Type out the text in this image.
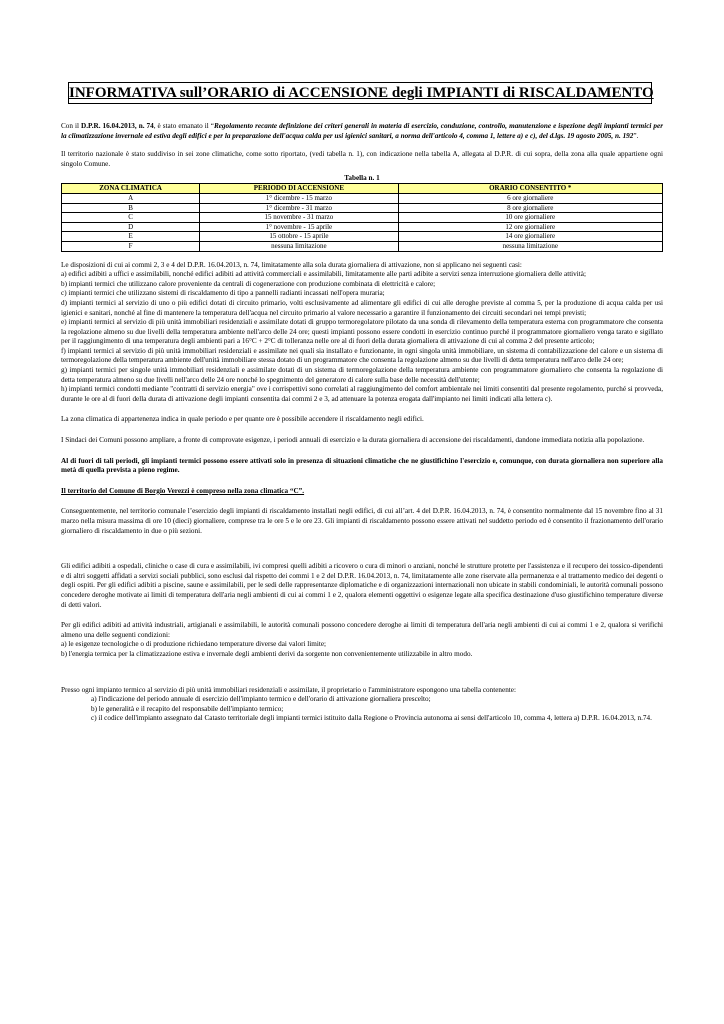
INFORMATIVA sull’ORARIO di ACCENSIONE degli IMPIANTI di RISCALDAMENTO

Con il D.P.R. 16.04.2013, n. 74, è stato emanato il “Regolamento recante definizione dei criteri generali in materia di esercizio, conduzione, controllo, manutenzione e ispezione degli impianti termici per la climatizzazione invernale ed estiva degli edifici e per la preparazione dell'acqua calda per usi igienici sanitari, a norma dell'articolo 4, comma 1, lettere a) e c), del d.lgs. 19 agosto 2005, n. 192”.

Il territorio nazionale è stato suddiviso in sei zone climatiche, come sotto riportato, (vedi tabella n. 1), con indicazione nella tabella A, allegata al D.P.R. di cui sopra, della zona alla quale appartiene ogni singolo Comune.

Tabella n. 1
ZONA CLIMATICA	PERIODO DI ACCENSIONE	ORARIO CONSENTITO *
A	1° dicembre - 15 marzo	6 ore giornaliere
B	1° dicembre - 31 marzo	8 ore giornaliere
C	15 novembre - 31 marzo	10 ore giornaliere
D	1° novembre - 15 aprile	12 ore giornaliere
E	15 ottobre - 15 aprile	14 ore giornaliere
F	nessuna limitazione	nessuna limitazione

Le disposizioni di cui ai commi 2, 3 e 4 del D.P.R. 16.04.2013, n. 74, limitatamente alla sola durata giornaliera di attivazione, non si applicano nei seguenti casi:

a) edifici adibiti a uffici e assimilabili, nonché edifici adibiti ad attività commerciali e assimilabili, limitatamente alle parti adibite a servizi senza interruzione giornaliera delle attività;

b) impianti termici che utilizzano calore proveniente da centrali di cogenerazione con produzione combinata di elettricità e calore;

c) impianti termici che utilizzano sistemi di riscaldamento di tipo a pannelli radianti incassati nell'opera muraria;

d) impianti termici al servizio di uno o più edifici dotati di circuito primario, volti esclusivamente ad alimentare gli edifici di cui alle deroghe previste al comma 5, per la produzione di acqua calda per usi igienici e sanitari, nonché al fine di mantenere la temperatura dell'acqua nel circuito primario al valore necessario a garantire il funzionamento dei circuiti secondari nei tempi previsti;

e) impianti termici al servizio di più unità immobiliari residenziali e assimilate dotati di gruppo termoregolatore pilotato da una sonda di rilevamento della temperatura esterna con programmatore che consenta la regolazione almeno su due livelli della temperatura ambiente nell'arco delle 24 ore; questi impianti possono essere condotti in esercizio continuo purché il programmatore giornaliero venga tarato e sigillato per il raggiungimento di una temperatura degli ambienti pari a 16°C + 2°C di tolleranza nelle ore al di fuori della durata giornaliera di attivazione di cui al comma 2 del presente articolo;

f) impianti termici al servizio di più unità immobiliari residenziali e assimilate nei quali sia installato e funzionante, in ogni singola unità immobiliare, un sistema di contabilizzazione del calore e un sistema di termoregolazione della temperatura ambiente dell'unità immobiliare stessa dotato di un programmatore che consenta la regolazione almeno su due livelli di detta temperatura nell'arco delle 24 ore;

g) impianti termici per singole unità immobiliari residenziali e assimilate dotati di un sistema di termoregolazione della temperatura ambiente con programmatore giornaliero che consenta la regolazione di detta temperatura almeno su due livelli nell'arco delle 24 ore nonché lo spegnimento del generatore di calore sulla base delle necessità dell'utente;

h) impianti termici condotti mediante "contratti di servizio energia" ove i corrispettivi sono correlati al raggiungimento del comfort ambientale nei limiti consentiti dal presente regolamento, purché si provveda, durante le ore al di fuori della durata di attivazione degli impianti consentita dai commi 2 e 3, ad attenuare la potenza erogata dall'impianto nei limiti indicati alla lettera c).

La zona climatica di appartenenza indica in quale periodo e per quante ore è possibile accendere il riscaldamento negli edifici.

I Sindaci dei Comuni possono ampliare, a fronte di comprovate esigenze, i periodi annuali di esercizio e la durata giornaliera di accensione dei riscaldamenti, dandone immediata notizia alla popolazione.

Al di fuori di tali periodi, gli impianti termici possono essere attivati solo in presenza di situazioni climatiche che ne giustifichino l'esercizio e, comunque, con durata giornaliera non superiore alla metà di quella prevista a pieno regime.

Il territorio del Comune di Borgio Verezzi è compreso nella zona climatica “C”.

Conseguentemente, nel territorio comunale l’esercizio degli impianti di riscaldamento installati negli edifici, di cui all’art. 4 del D.P.R. 16.04.2013, n. 74, è consentito normalmente dal 15 novembre fino al 31 marzo nella misura massima di ore 10 (dieci) giornaliere, comprese tra le ore 5 e le ore 23. Gli impianti di riscaldamento possono essere attivati nel suddetto periodo ed è consentito il frazionamento dell'orario giornaliero di riscaldamento in due o più sezioni.

Gli edifici adibiti a ospedali, cliniche o case di cura e assimilabili, ivi compresi quelli adibiti a ricovero o cura di minori o anziani, nonché le strutture protette per l'assistenza e il recupero dei tossico-dipendenti e di altri soggetti affidati a servizi sociali pubblici, sono esclusi dal rispetto dei commi 1 e 2 del D.P.R. 16.04.2013, n. 74, limitatamente alle zone riservate alla permanenza e al trattamento medico dei degenti o degli ospiti. Per gli edifici adibiti a piscine, saune e assimilabili, per le sedi delle rappresentanze diplomatiche e di organizzazioni internazionali non ubicate in stabili condominiali, le autorità comunali possono concedere deroghe motivate ai limiti di temperatura dell'aria negli ambienti di cui ai commi 1 e 2, qualora elementi oggettivi o esigenze legate alla specifica destinazione d'uso giustifichino temperature diverse di detti valori.

Per gli edifici adibiti ad attività industriali, artigianali e assimilabili, le autorità comunali possono concedere deroghe ai limiti di temperatura dell'aria negli ambienti di cui ai commi 1 e 2, qualora si verifichi almeno una delle seguenti condizioni:

a) le esigenze tecnologiche o di produzione richiedano temperature diverse dai valori limite;

b) l'energia termica per la climatizzazione estiva e invernale degli ambienti derivi da sorgente non convenientemente utilizzabile in altro modo.

Presso ogni impianto termico al servizio di più unità immobiliari residenziali e assimilate, il proprietario o l'amministratore espongono una tabella contenente:

a) l'indicazione del periodo annuale di esercizio dell'impianto termico e dell'orario di attivazione giornaliera prescelto;

b) le generalità e il recapito del responsabile dell'impianto termico;

c) il codice dell'impianto assegnato dal Catasto territoriale degli impianti termici istituito dalla Regione o Provincia autonoma ai sensi dell'articolo 10, comma 4, lettera a) D.P.R. 16.04.2013, n.74.
